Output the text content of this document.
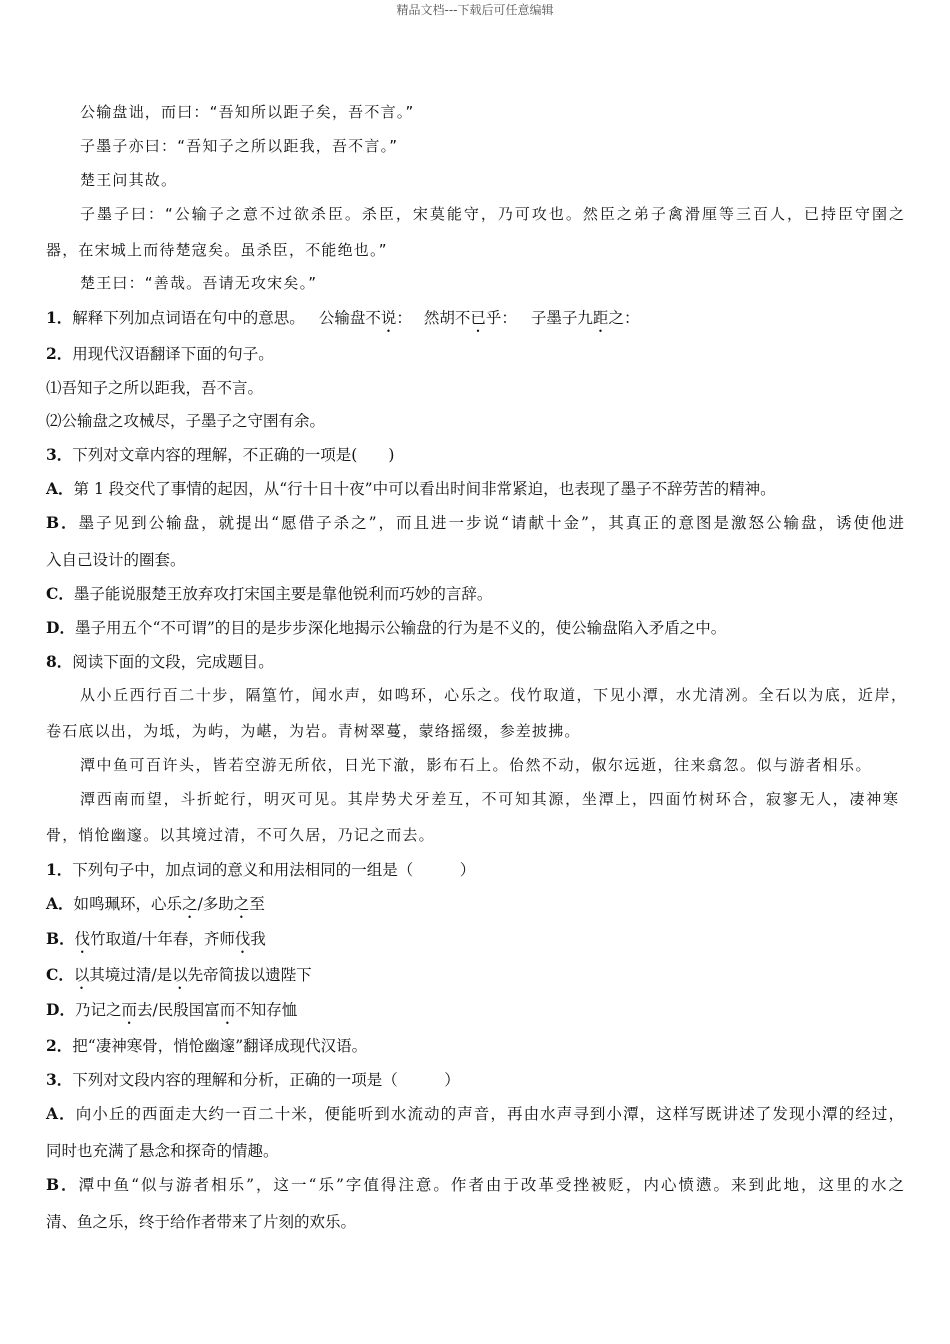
精品文档---下载后可任意编辑
公输盘诎，而曰：“吾知所以距子矣，吾不言。”
子墨子亦曰：“吾知子之所以距我，吾不言。”
楚王问其故。
子墨子曰：“公输子之意不过欲杀臣。杀臣，宋莫能守，乃可攻也。然臣之弟子禽滑厘等三百人，已持臣守圉之
器，在宋城上而待楚寇矣。虽杀臣，不能绝也。”
楚王曰：“善哉。吾请无攻宋矣。”
1．解释下列加点词语在句中的意思。 公输盘不说： 然胡不已乎： 子墨子九距之：
2．用现代汉语翻译下面的句子。
⑴吾知子之所以距我，吾不言。
⑵公输盘之攻械尽，子墨子之守圉有余。
3．下列对文章内容的理解，不正确的一项是(　　)
A．第 1 段交代了事情的起因，从“行十日十夜”中可以看出时间非常紧迫，也表现了墨子不辞劳苦的精神。
B．墨子见到公输盘，就提出“愿借子杀之”，而且进一步说“请献十金”，其真正的意图是激怒公输盘，诱使他进
入自己设计的圈套。
C．墨子能说服楚王放弃攻打宋国主要是靠他锐利而巧妙的言辞。
D．墨子用五个“不可谓”的目的是步步深化地揭示公输盘的行为是不义的，使公输盘陷入矛盾之中。
8．阅读下面的文段，完成题目。
从小丘西行百二十步，隔篁竹，闻水声，如鸣环，心乐之。伐竹取道，下见小潭，水尤清冽。全石以为底，近岸，
卷石底以出，为坻，为屿，为嵁，为岩。青树翠蔓，蒙络摇缀，参差披拂。
潭中鱼可百许头，皆若空游无所依，日光下澈，影布石上。佁然不动，俶尔远逝，往来翕忽。似与游者相乐。
潭西南而望，斗折蛇行，明灭可见。其岸势犬牙差互，不可知其源，坐潭上，四面竹树环合，寂寥无人，凄神寒
骨，悄怆幽邃。以其境过清，不可久居，乃记之而去。
1．下列句子中，加点词的意义和用法相同的一组是（　　　）
A．如鸣珮环，心乐之/多助之至
B．伐竹取道/十年春，齐师伐我
C．以其境过清/是以先帝简拔以遗陛下
D．乃记之而去/民殷国富而不知存恤
2．把“凄神寒骨，悄怆幽邃”翻译成现代汉语。
3．下列对文段内容的理解和分析，正确的一项是（　　　）
A．向小丘的西面走大约一百二十米，便能听到水流动的声音，再由水声寻到小潭，这样写既讲述了发现小潭的经过，
同时也充满了悬念和探奇的情趣。
B．潭中鱼“似与游者相乐”，这一“乐”字值得注意。作者由于改革受挫被贬，内心愤懑。来到此地，这里的水之
清、鱼之乐，终于给作者带来了片刻的欢乐。
